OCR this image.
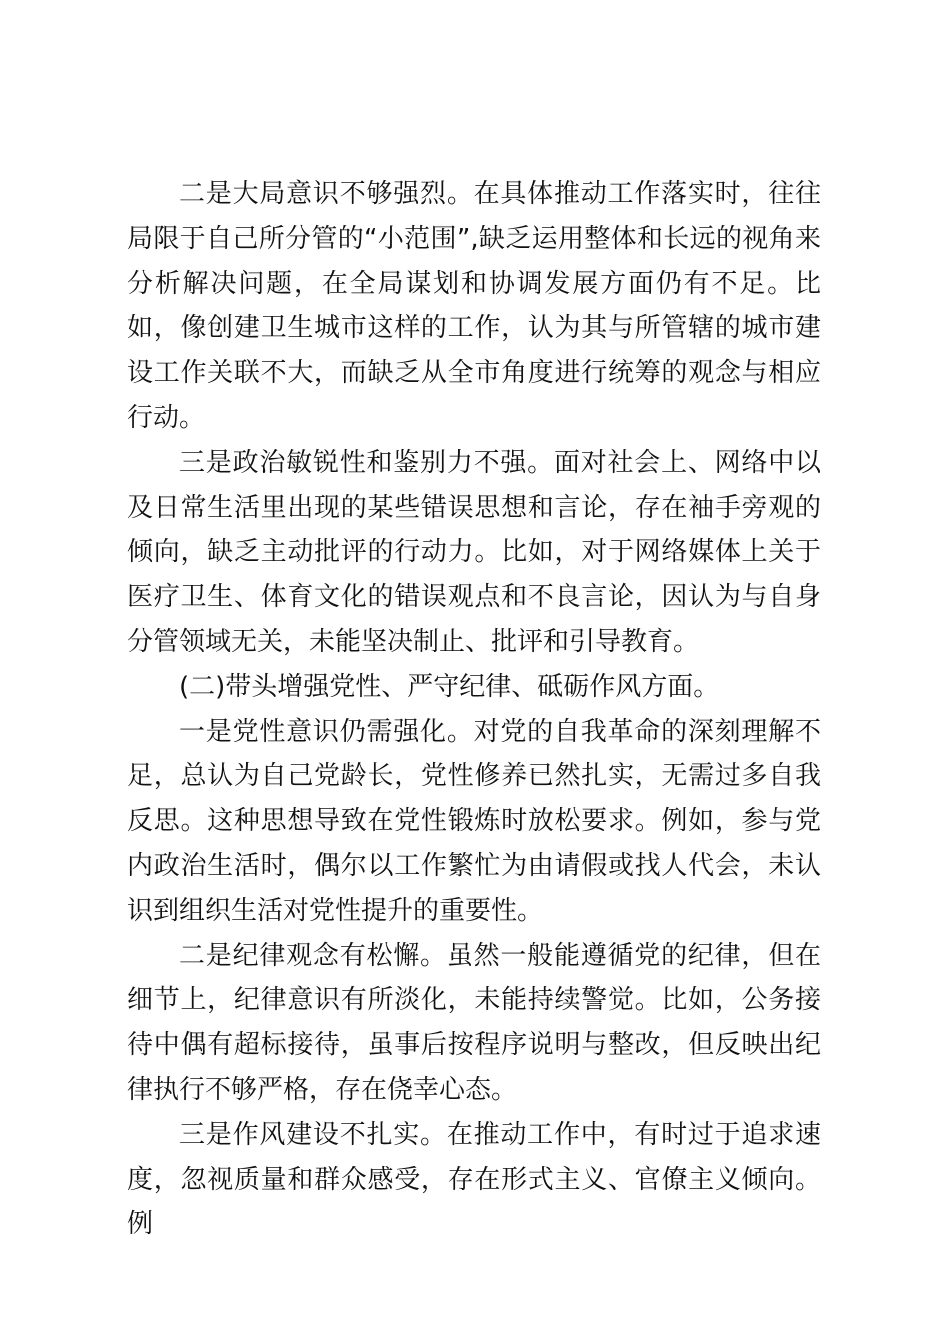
二是大局意识不够强烈。在具体推动工作落实时，往往局限于自己所分管的“小范围”,缺乏运用整体和长远的视角来分析解决问题，在全局谋划和协调发展方面仍有不足。比如，像创建卫生城市这样的工作，认为其与所管辖的城市建设工作关联不大，而缺乏从全市角度进行统筹的观念与相应行动。

三是政治敏锐性和鉴别力不强。面对社会上、网络中以及日常生活里出现的某些错误思想和言论，存在袖手旁观的倾向，缺乏主动批评的行动力。比如，对于网络媒体上关于医疗卫生、体育文化的错误观点和不良言论，因认为与自身分管领域无关，未能坚决制止、批评和引导教育。

(二)带头增强党性、严守纪律、砥砺作风方面。

一是党性意识仍需强化。对党的自我革命的深刻理解不足，总认为自己党龄长，党性修养已然扎实，无需过多自我反思。这种思想导致在党性锻炼时放松要求。例如，参与党内政治生活时，偶尔以工作繁忙为由请假或找人代会，未认识到组织生活对党性提升的重要性。

二是纪律观念有松懈。虽然一般能遵循党的纪律，但在细节上，纪律意识有所淡化，未能持续警觉。比如，公务接待中偶有超标接待，虽事后按程序说明与整改，但反映出纪律执行不够严格，存在侥幸心态。

三是作风建设不扎实。在推动工作中，有时过于追求速度，忽视质量和群众感受，存在形式主义、官僚主义倾向。例
